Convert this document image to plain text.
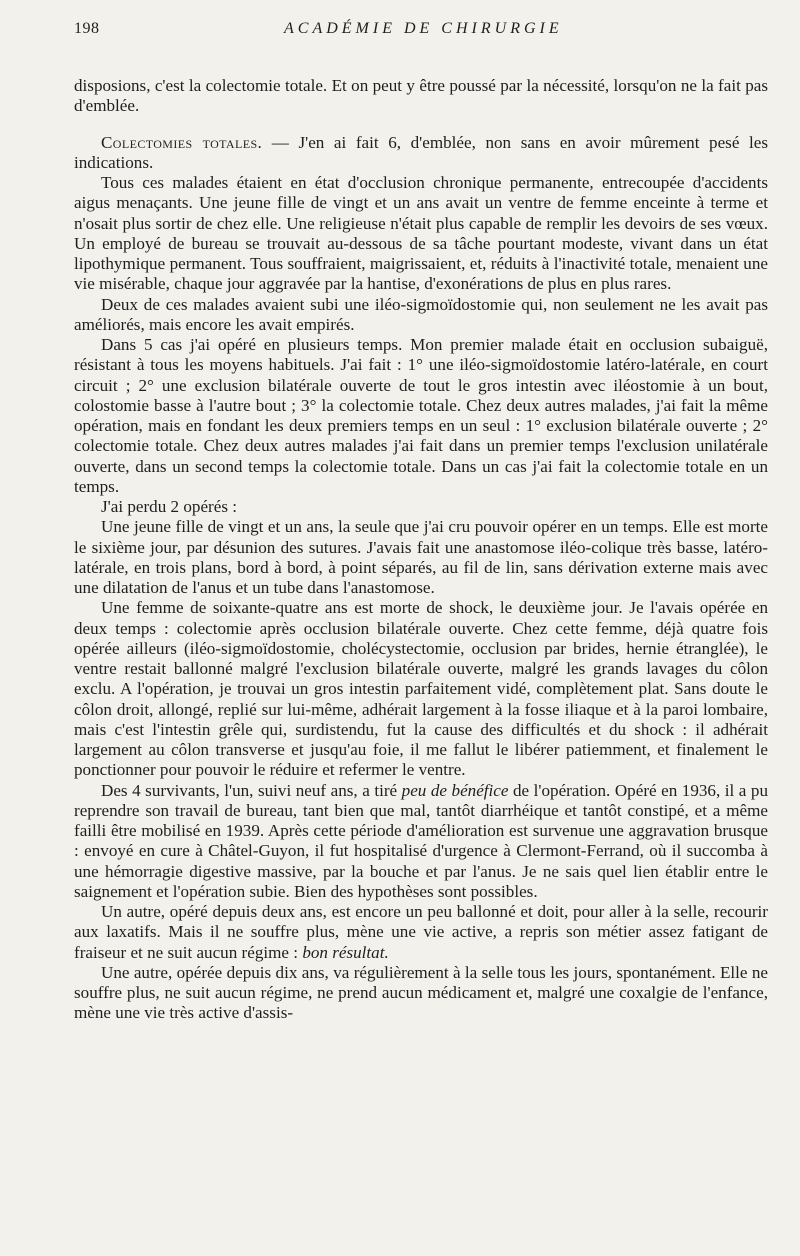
198	ACADÉMIE DE CHIRURGIE

disposions, c'est la colectomie totale. Et on peut y être poussé par la nécessité, lorsqu'on ne la fait pas d'emblée.

Colectomies totales. — J'en ai fait 6, d'emblée, non sans en avoir mûrement pesé les indications.

Tous ces malades étaient en état d'occlusion chronique permanente, entrecoupée d'accidents aigus menaçants. Une jeune fille de vingt et un ans avait un ventre de femme enceinte à terme et n'osait plus sortir de chez elle. Une religieuse n'était plus capable de remplir les devoirs de ses vœux. Un employé de bureau se trouvait au-dessous de sa tâche pourtant modeste, vivant dans un état lipothymique permanent. Tous souffraient, maigrissaient, et, réduits à l'inactivité totale, menaient une vie misérable, chaque jour aggravée par la hantise, d'exonérations de plus en plus rares.

Deux de ces malades avaient subi une iléo-sigmoïdostomie qui, non seulement ne les avait pas améliorés, mais encore les avait empirés.

Dans 5 cas j'ai opéré en plusieurs temps. Mon premier malade était en occlusion subaiguë, résistant à tous les moyens habituels. J'ai fait : 1° une iléo-sigmoïdostomie latéro-latérale, en court circuit ; 2° une exclusion bilatérale ouverte de tout le gros intestin avec iléostomie à un bout, colostomie basse à l'autre bout ; 3° la colectomie totale. Chez deux autres malades, j'ai fait la même opération, mais en fondant les deux premiers temps en un seul : 1° exclusion bilatérale ouverte ; 2° colectomie totale. Chez deux autres malades j'ai fait dans un premier temps l'exclusion unilatérale ouverte, dans un second temps la colectomie totale. Dans un cas j'ai fait la colectomie totale en un temps.

J'ai perdu 2 opérés :

Une jeune fille de vingt et un ans, la seule que j'ai cru pouvoir opérer en un temps. Elle est morte le sixième jour, par désunion des sutures. J'avais fait une anastomose iléo-colique très basse, latéro-latérale, en trois plans, bord à bord, à point séparés, au fil de lin, sans dérivation externe mais avec une dilatation de l'anus et un tube dans l'anastomose.

Une femme de soixante-quatre ans est morte de shock, le deuxième jour. Je l'avais opérée en deux temps : colectomie après occlusion bilatérale ouverte. Chez cette femme, déjà quatre fois opérée ailleurs (iléo-sigmoïdostomie, cholécystectomie, occlusion par brides, hernie étranglée), le ventre restait ballonné malgré l'exclusion bilatérale ouverte, malgré les grands lavages du côlon exclu. A l'opération, je trouvai un gros intestin parfaitement vidé, complètement plat. Sans doute le côlon droit, allongé, replié sur lui-même, adhérait largement à la fosse iliaque et à la paroi lombaire, mais c'est l'intestin grêle qui, surdistendu, fut la cause des difficultés et du shock : il adhérait largement au côlon transverse et jusqu'au foie, il me fallut le libérer patiemment, et finalement le ponctionner pour pouvoir le réduire et refermer le ventre.

Des 4 survivants, l'un, suivi neuf ans, a tiré peu de bénéfice de l'opération. Opéré en 1936, il a pu reprendre son travail de bureau, tant bien que mal, tantôt diarrhéique et tantôt constipé, et a même failli être mobilisé en 1939. Après cette période d'amélioration est survenue une aggravation brusque : envoyé en cure à Châtel-Guyon, il fut hospitalisé d'urgence à Clermont-Ferrand, où il succomba à une hémorragie digestive massive, par la bouche et par l'anus. Je ne sais quel lien établir entre le saignement et l'opération subie. Bien des hypothèses sont possibles.

Un autre, opéré depuis deux ans, est encore un peu ballonné et doit, pour aller à la selle, recourir aux laxatifs. Mais il ne souffre plus, mène une vie active, a repris son métier assez fatigant de fraiseur et ne suit aucun régime : bon résultat.

Une autre, opérée depuis dix ans, va régulièrement à la selle tous les jours, spontanément. Elle ne souffre plus, ne suit aucun régime, ne prend aucun médicament et, malgré une coxalgie de l'enfance, mène une vie très active d'assis-
